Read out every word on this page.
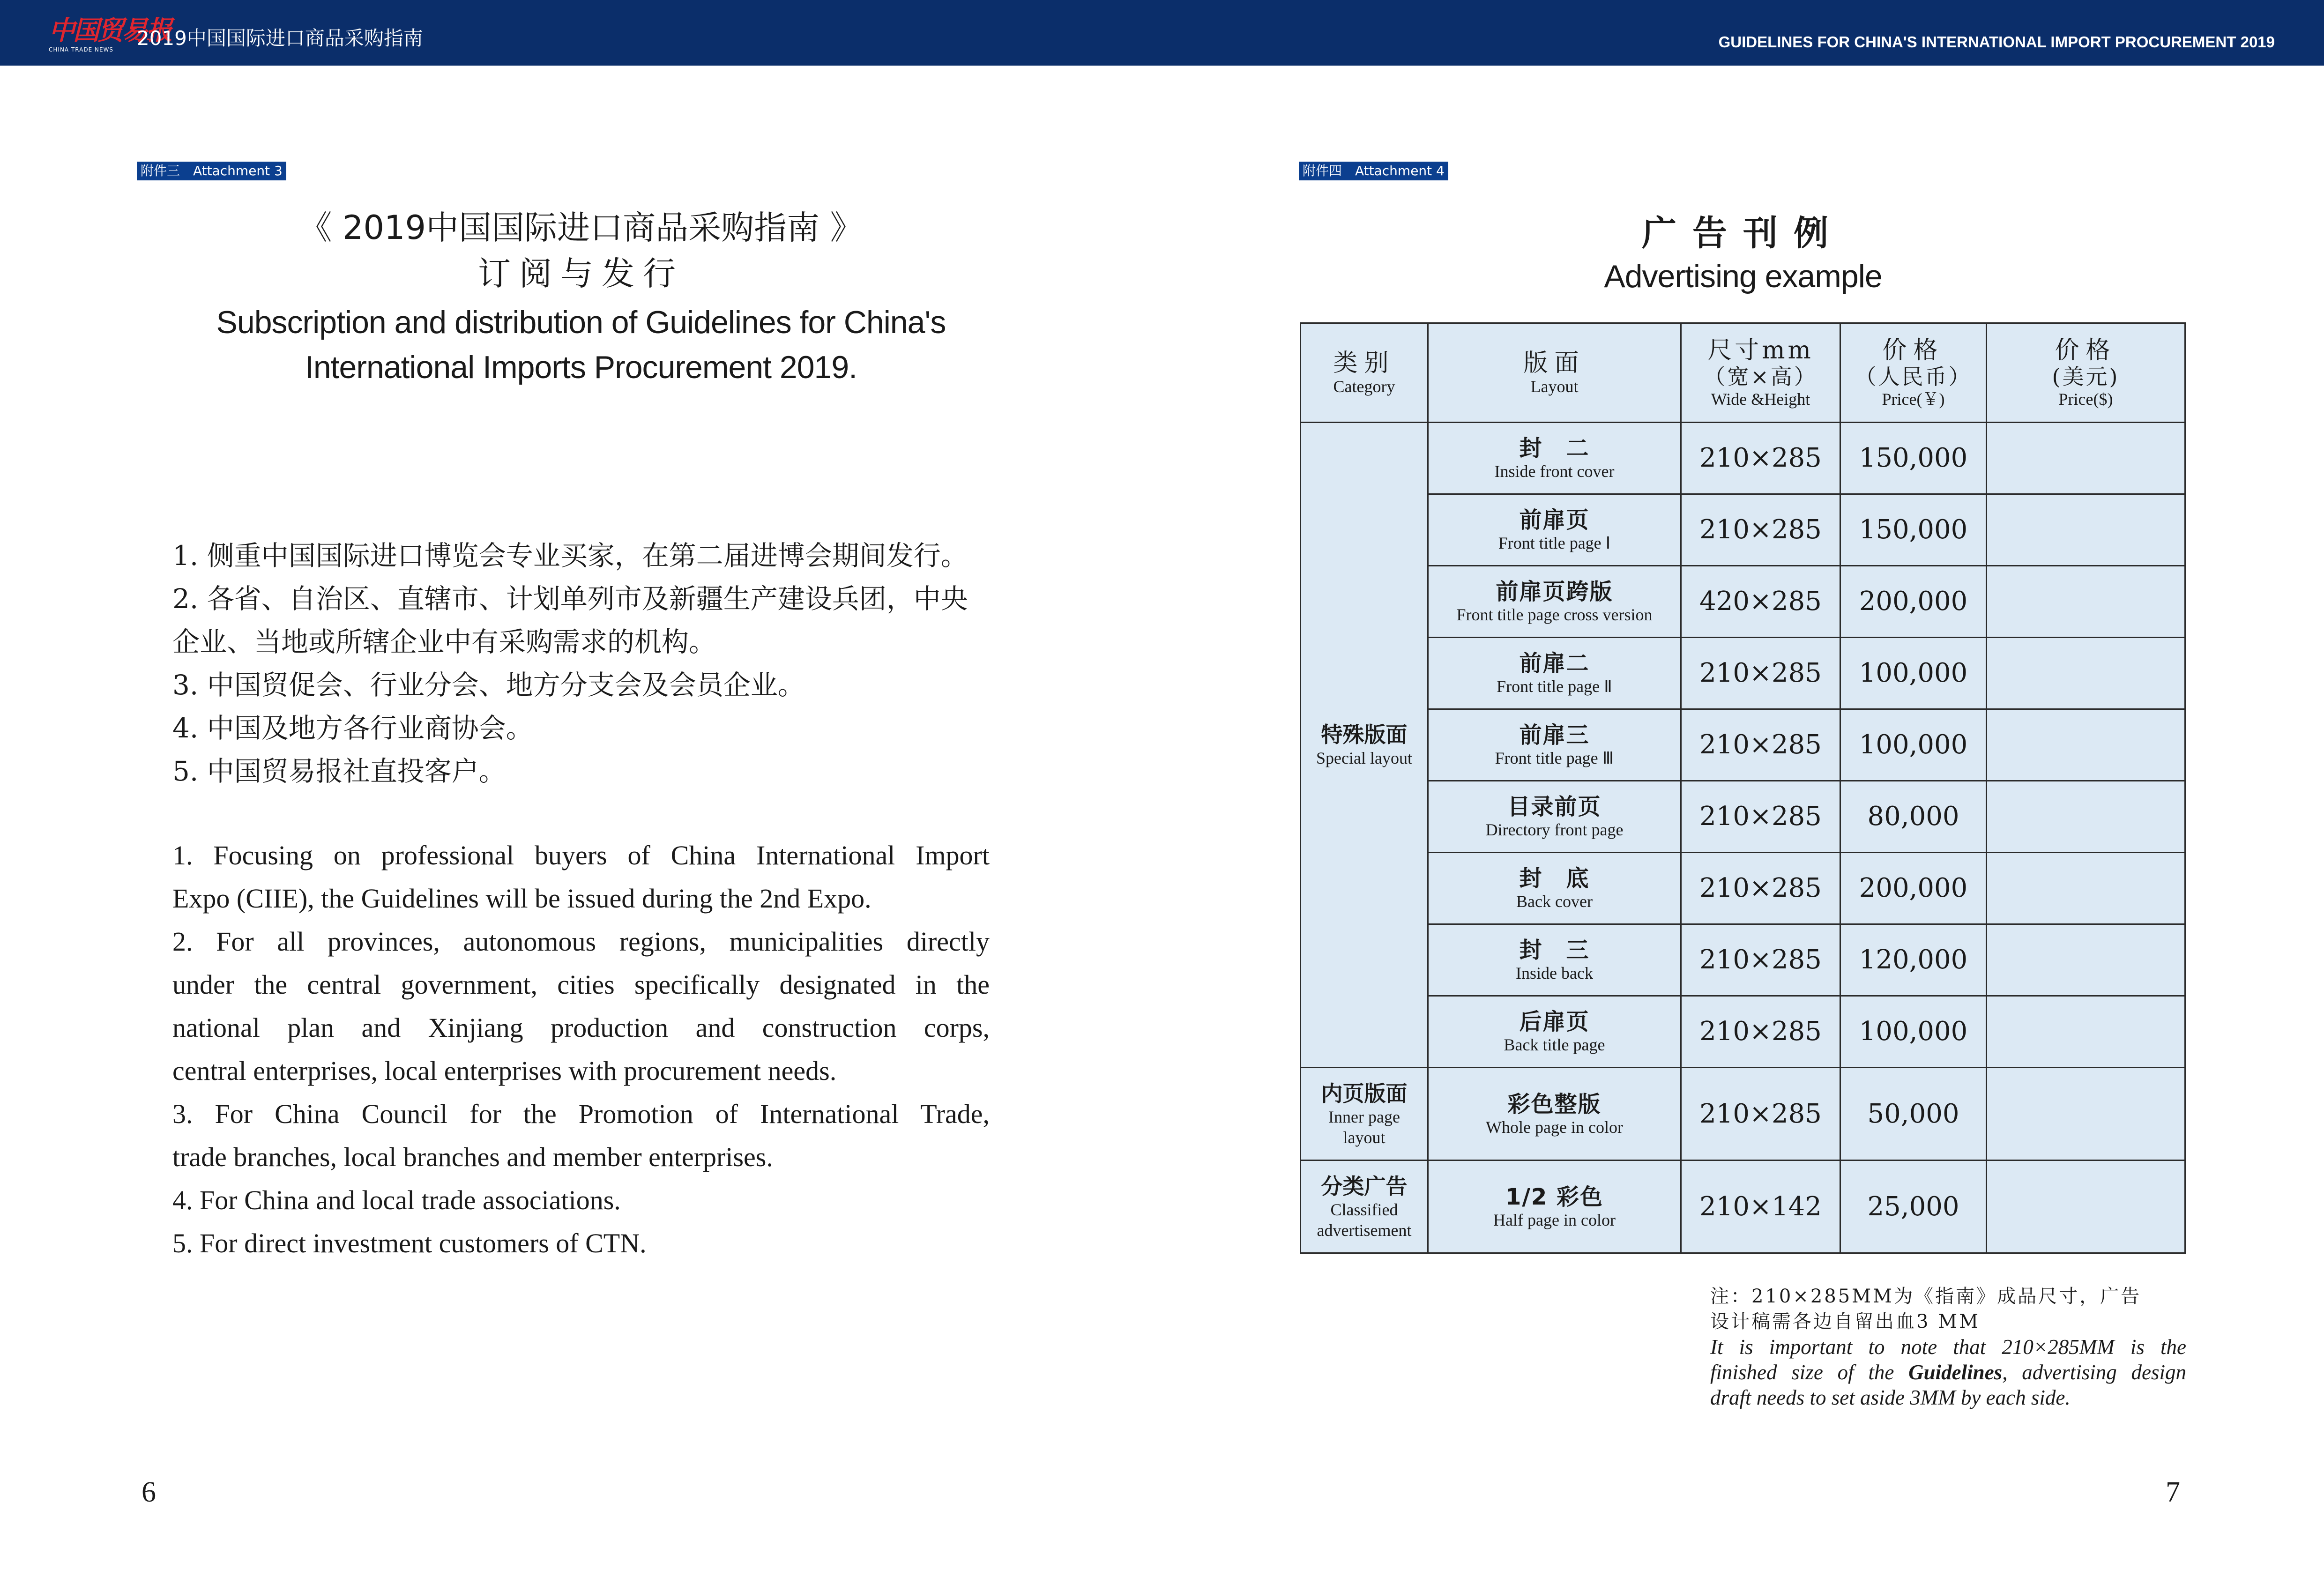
中国贸易报
CHINA TRADE NEWS	2019中国国际进口商品采购指南	GUIDELINES FOR CHINA'S INTERNATIONAL IMPORT PROCUREMENT 2019
附件三　Attachment 3
《 2019中国国际进口商品采购指南 》
订阅与发行
Subscription and distribution of Guidelines for China's
International Imports Procurement 2019.
1. 侧重中国国际进口博览会专业买家，在第二届进博会期间发行。
2. 各省、自治区、直辖市、计划单列市及新疆生产建设兵团，中央
企业、当地或所辖企业中有采购需求的机构。
3. 中国贸促会、行业分会、地方分支会及会员企业。
4. 中国及地方各行业商协会。
5. 中国贸易报社直投客户。
1. Focusing on professional buyers of China International Import
Expo (CIIE), the Guidelines will be issued during the 2nd Expo.
2. For all provinces, autonomous regions, municipalities directly
under the central government, cities specifically designated in the
national plan and Xinjiang production and construction corps,
central enterprises, local enterprises with procurement needs.
3. For China Council for the Promotion of International Trade,
trade branches, local branches and member enterprises.
4. For China and local trade associations.
5. For direct investment customers of CTN.
6
附件四　Attachment 4
广告刊例
Advertising example
类别
Category	版面
Layout	尺寸mm
（宽×高）
Wide &Height	价格
（人民币）
Price(￥)	价格
(美元)
Price($)

特殊版面
Special layout	封　二
Inside front cover	210×285	150,000	

	前扉页
Front title page Ⅰ	210×285	150,000	

	前扉页跨版
Front title page cross version	420×285	200,000	

	前扉二
Front title page Ⅱ	210×285	100,000	

	前扉三
Front title page Ⅲ	210×285	100,000	

	目录前页
Directory front page	210×285	80,000	

	封　底
Back cover	210×285	200,000	

	封　三
Inside back	210×285	120,000	

	后扉页
Back title page	210×285	100,000	

内页版面
Inner page
layout	彩色整版
Whole page in color	210×285	50,000	

分类广告
Classified
advertisement	1/2 彩色
Half page in color	210×142	25,000	
注：210×285MM为《指南》成品尺寸，广告
设计稿需各边自留出血3 MM
It is important to note that 210×285MM is the
finished size of the Guidelines, advertising design
draft needs to set aside 3MM by each side.
7
